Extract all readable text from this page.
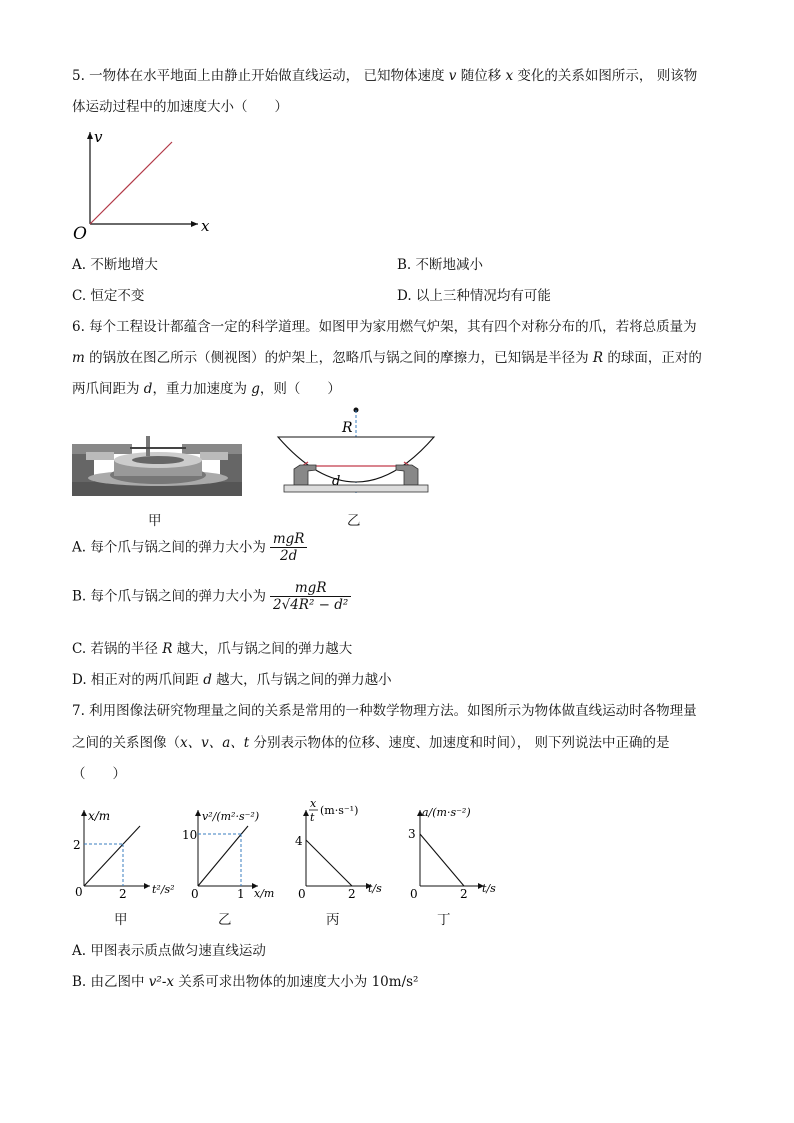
5. 一物体在水平地面上由静止开始做直线运动， 已知物体速度 v 随位移 x 变化的关系如图所示， 则该物
体运动过程中的加速度大小（　　）
v
x
O
A. 不断地增大	B. 不断地减小
C. 恒定不变	D. 以上三种情况均有可能
6. 每个工程设计都蕴含一定的科学道理。如图甲为家用燃气炉架，其有四个对称分布的爪，若将总质量为
m 的锅放在图乙所示（侧视图）的炉架上，忽略爪与锅之间的摩擦力，已知锅是半径为 R 的球面，正对的
两爪间距为 d，重力加速度为 g，则（　　）
甲
R
d
乙
A. 每个爪与锅之间的弹力大小为 $\frac{\text{mgR}}{2d}$
B. 每个爪与锅之间的弹力大小为 $\frac{\text{mgR}}{\text{2√4R² − d²}}$
C. 若锅的半径 R 越大，爪与锅之间的弹力越大
D. 相正对的两爪间距 d 越大，爪与锅之间的弹力越小
7. 利用图像法研究物理量之间的关系是常用的一种数学物理方法。如图所示为物体做直线运动时各物理量
之间的关系图像（x、v、a、t 分别表示物体的位移、速度、加速度和时间）， 则下列说法中正确的是
（　　）
x/m
t²/s²
2
2
0
甲
v²/(m²·s⁻²)
x/m
10
1
0
乙
x
t
(m·s⁻¹)
t/s
4
2
0
丙
a/(m·s⁻²)
t/s
3
2
0
丁
A. 甲图表示质点做匀速直线运动
B. 由乙图中 v²-x 关系可求出物体的加速度大小为 10m/s²
